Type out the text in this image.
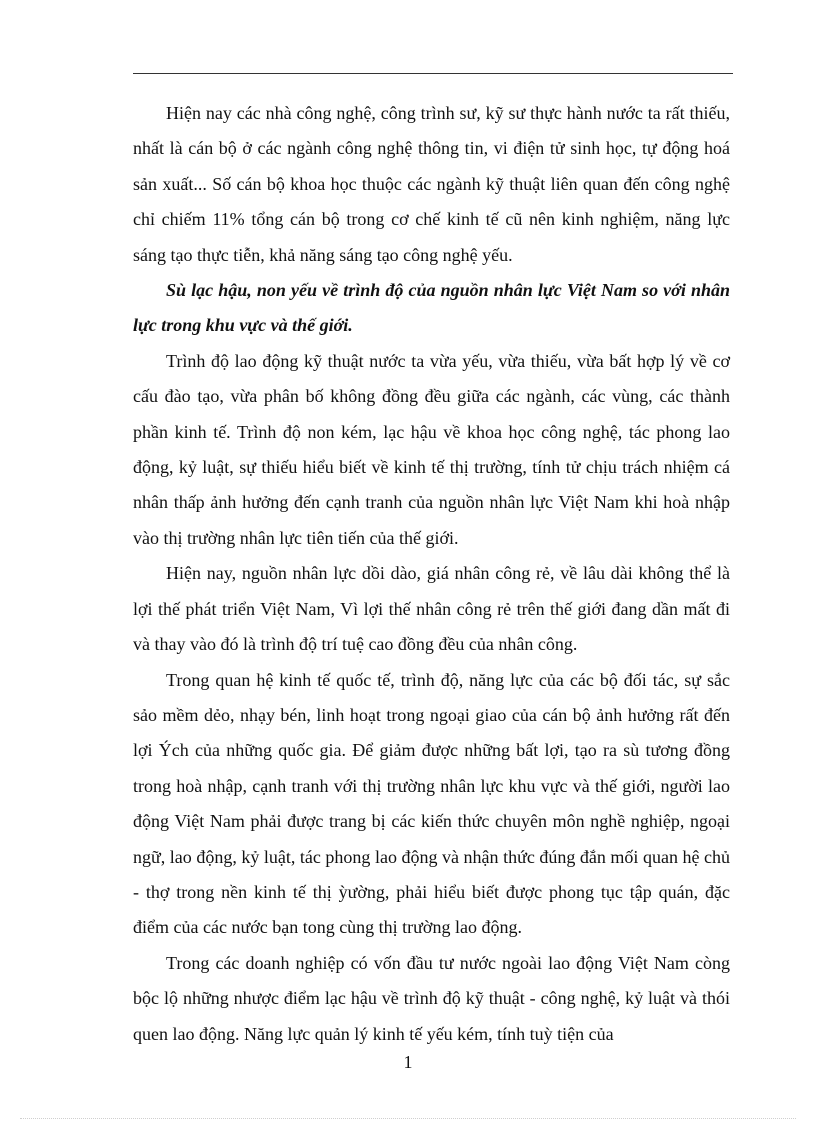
Hiện nay các nhà công nghệ, công trình sư, kỹ sư thực hành nước ta rất thiếu, nhất là cán bộ ở các ngành công nghệ thông tin, vi điện tử sinh học, tự động hoá sản xuất... Số cán bộ khoa học thuộc các ngành kỹ thuật liên quan đến công nghệ chỉ chiếm 11% tổng cán bộ trong cơ chế kinh tế cũ nên kinh nghiệm, năng lực sáng tạo thực tiễn, khả năng sáng tạo công nghệ yếu.

Sù lạc hậu, non yếu về trình độ của nguồn nhân lực Việt Nam so với nhân lực trong khu vực và thế giới.

Trình độ lao động kỹ thuật nước ta vừa yếu, vừa thiếu, vừa bất hợp lý về cơ cấu đào tạo, vừa phân bố không đồng đều giữa các ngành, các vùng, các thành phần kinh tế. Trình độ non kém, lạc hậu về khoa học công nghệ, tác phong lao động, kỷ luật, sự thiếu hiểu biết về kinh tế thị trường, tính tử chịu trách nhiệm cá nhân thấp ảnh hưởng đến cạnh tranh của nguồn nhân lực Việt Nam khi hoà nhập vào thị trường nhân lực tiên tiến của thế giới.

Hiện nay, nguồn nhân lực dồi dào, giá nhân công rẻ, về lâu dài không thể là lợi thế phát triển Việt Nam, Vì lợi thế nhân công rẻ trên thế giới đang dần mất đi và thay vào đó là trình độ trí tuệ cao đồng đều của nhân công.

Trong quan hệ kinh tế quốc tế, trình độ, năng lực của các bộ đối tác, sự sắc sảo mềm dẻo, nhạy bén, linh hoạt trong ngoại giao của cán bộ ảnh hưởng rất đến lợi Ých của những quốc gia. Để giảm được những bất lợi, tạo ra sù tương đồng trong hoà nhập, cạnh tranh với thị trường nhân lực khu vực và thế giới, người lao động Việt Nam phải được trang bị các kiến thức chuyên môn nghề nghiệp, ngoại ngữ, lao động, kỷ luật, tác phong lao động và nhận thức đúng đắn mối quan hệ chủ - thợ trong nền kinh tế thị ỳường, phải hiểu biết được phong tục tập quán, đặc điểm của các nước bạn tong cùng thị trường lao động.

Trong các doanh nghiệp có vốn đầu tư nước ngoài lao động Việt Nam còng bộc lộ những nhược điểm lạc hậu về trình độ kỹ thuật - công nghệ, kỷ luật và thói quen lao động. Năng lực quản lý kinh tế yếu kém, tính tuỳ tiện của

1
